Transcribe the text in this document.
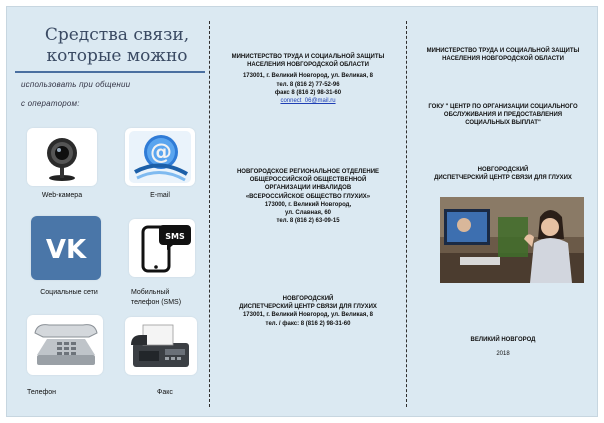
Средства связи,
которые можно
использовать при общении
с оператором:
Web-камера
@
E-mail
VK
Социальные сети
SMS
Мобильный
телефон (SMS)
Телефон	Факс
МИНИСТЕРСТВО ТРУДА И СОЦИАЛЬНОЙ ЗАЩИТЫ
НАСЕЛЕНИЯ НОВГОРОДСКОЙ ОБЛАСТИ
173001, г. Великий Новгород, ул. Великая, 8
тел. 8 (816 2) 77-52-96
факс 8 (816 2) 98-31-60
connect_06@mail.ru
НОВГОРОДСКОЕ РЕГИОНАЛЬНОЕ ОТДЕЛЕНИЕ
ОБЩЕРОССИЙСКОЙ ОБЩЕСТВЕННОЙ
ОРГАНИЗАЦИИ ИНВАЛИДОВ
«ВСЕРОССИЙСКОЕ ОБЩЕСТВО ГЛУХИХ»
173000, г. Великий Новгород,
ул. Славная, 60
тел. 8 (816 2) 63-09-15
НОВГОРОДСКИЙ
ДИСПЕТЧЕРСКИЙ ЦЕНТР СВЯЗИ ДЛЯ ГЛУХИХ
173001, г. Великий Новгород, ул. Великая, 8
тел. / факс: 8 (816 2) 98-31-60
МИНИСТЕРСТВО ТРУДА И СОЦИАЛЬНОЙ ЗАЩИТЫ
НАСЕЛЕНИЯ НОВГОРОДСКОЙ ОБЛАСТИ
ГОКУ " ЦЕНТР ПО ОРГАНИЗАЦИИ СОЦИАЛЬНОГО
ОБСЛУЖИВАНИЯ И ПРЕДОСТАВЛЕНИЯ
СОЦИАЛЬНЫХ ВЫПЛАТ"
НОВГОРОДСКИЙ
ДИСПЕТЧЕРСКИЙ ЦЕНТР СВЯЗИ ДЛЯ ГЛУХИХ
ВЕЛИКИЙ НОВГОРОД
2018
